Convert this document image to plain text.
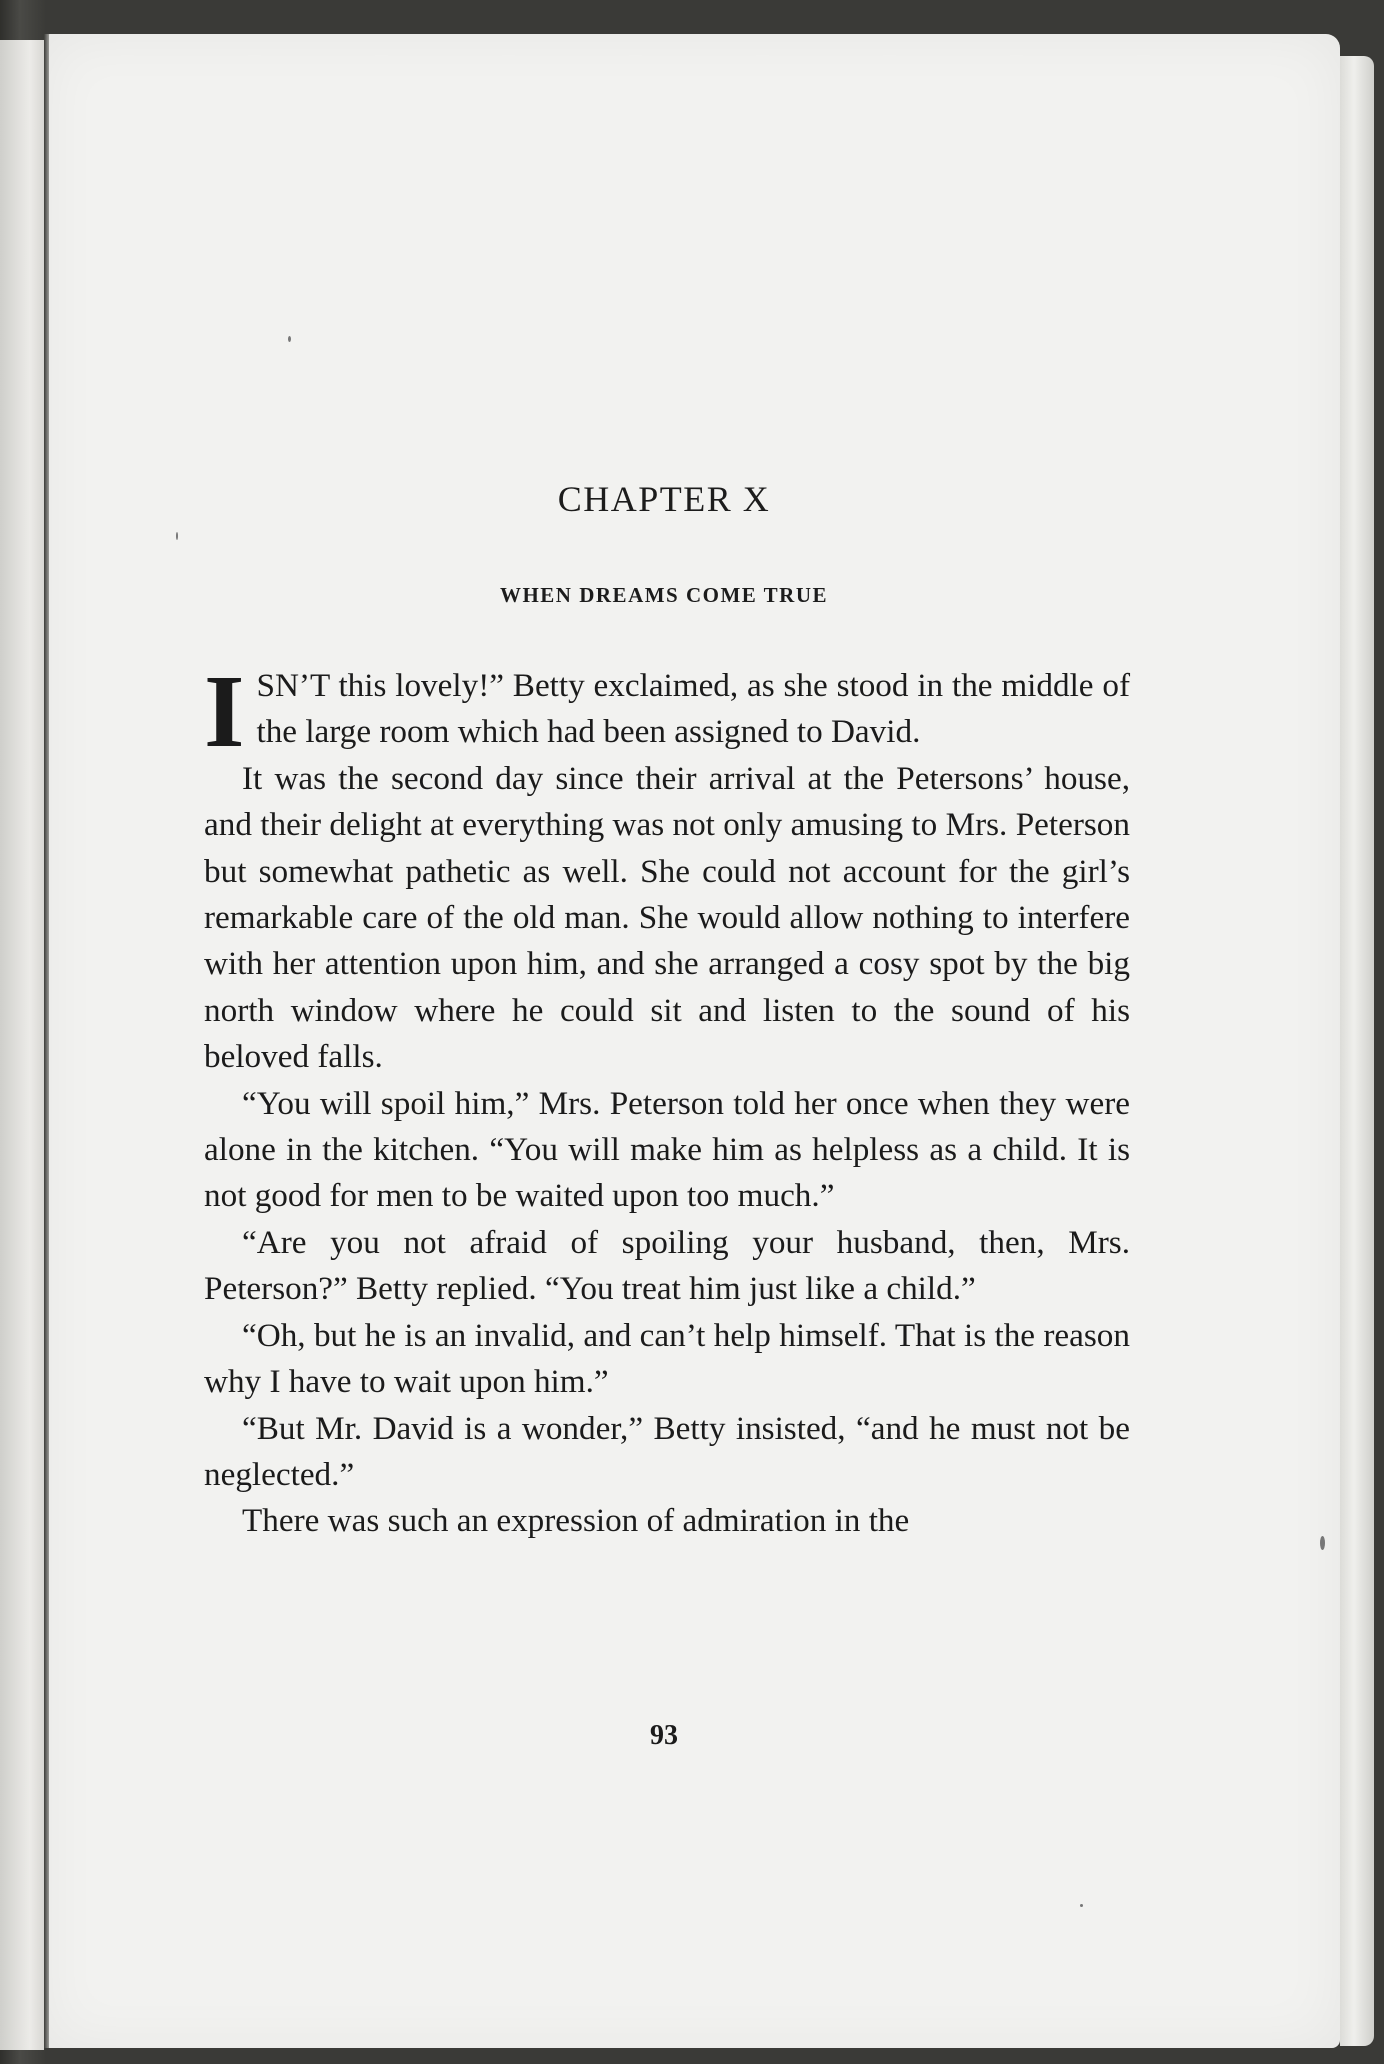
CHAPTER X
WHEN DREAMS COME TRUE

ISN’T this lovely!” Betty exclaimed, as she stood in the middle of the large room which had been assigned to David.

It was the second day since their arrival at the Petersons’ house, and their delight at everything was not only amusing to Mrs. Peterson but somewhat pathetic as well. She could not account for the girl’s remarkable care of the old man. She would allow nothing to interfere with her attention upon him, and she arranged a cosy spot by the big north window where he could sit and listen to the sound of his beloved falls.

“You will spoil him,” Mrs. Peterson told her once when they were alone in the kitchen. “You will make him as helpless as a child. It is not good for men to be waited upon too much.”

“Are you not afraid of spoiling your husband, then, Mrs. Peterson?” Betty replied. “You treat him just like a child.”

“Oh, but he is an invalid, and can’t help himself. That is the reason why I have to wait upon him.”

“But Mr. David is a wonder,” Betty insisted, “and he must not be neglected.”

There was such an expression of admiration in the

93
